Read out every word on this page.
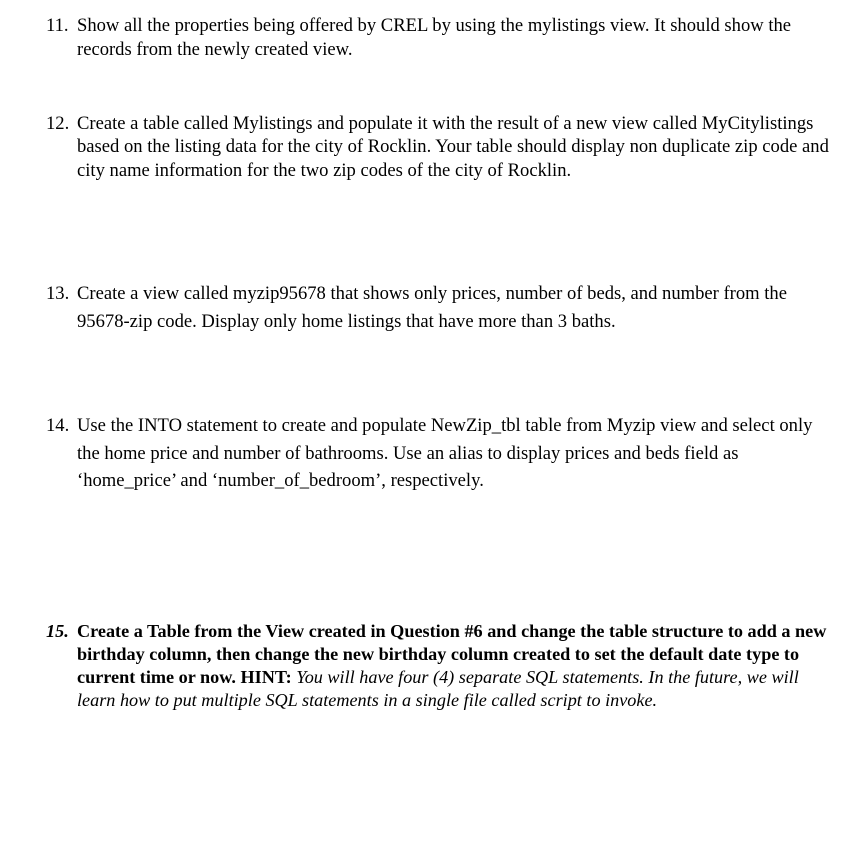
11. Show all the properties being offered by CREL by using the mylistings view. It should show the records from the newly created view.
12. Create a table called Mylistings and populate it with the result of a new view called MyCitylistings based on the listing data for the city of Rocklin. Your table should display non duplicate zip code and city name information for the two zip codes of the city of Rocklin.
13. Create a view called myzip95678 that shows only prices, number of beds, and number from the 95678-zip code. Display only home listings that have more than 3 baths.
14. Use the INTO statement to create and populate NewZip_tbl table from Myzip view and select only the home price and number of bathrooms. Use an alias to display prices and beds field as ‘home_price’ and ‘number_of_bedroom’, respectively.
15. Create a Table from the View created in Question #6 and change the table structure to add a new birthday column, then change the new birthday column created to set the default date type to current time or now. HINT: You will have four (4) separate SQL statements. In the future, we will learn how to put multiple SQL statements in a single file called script to invoke.
